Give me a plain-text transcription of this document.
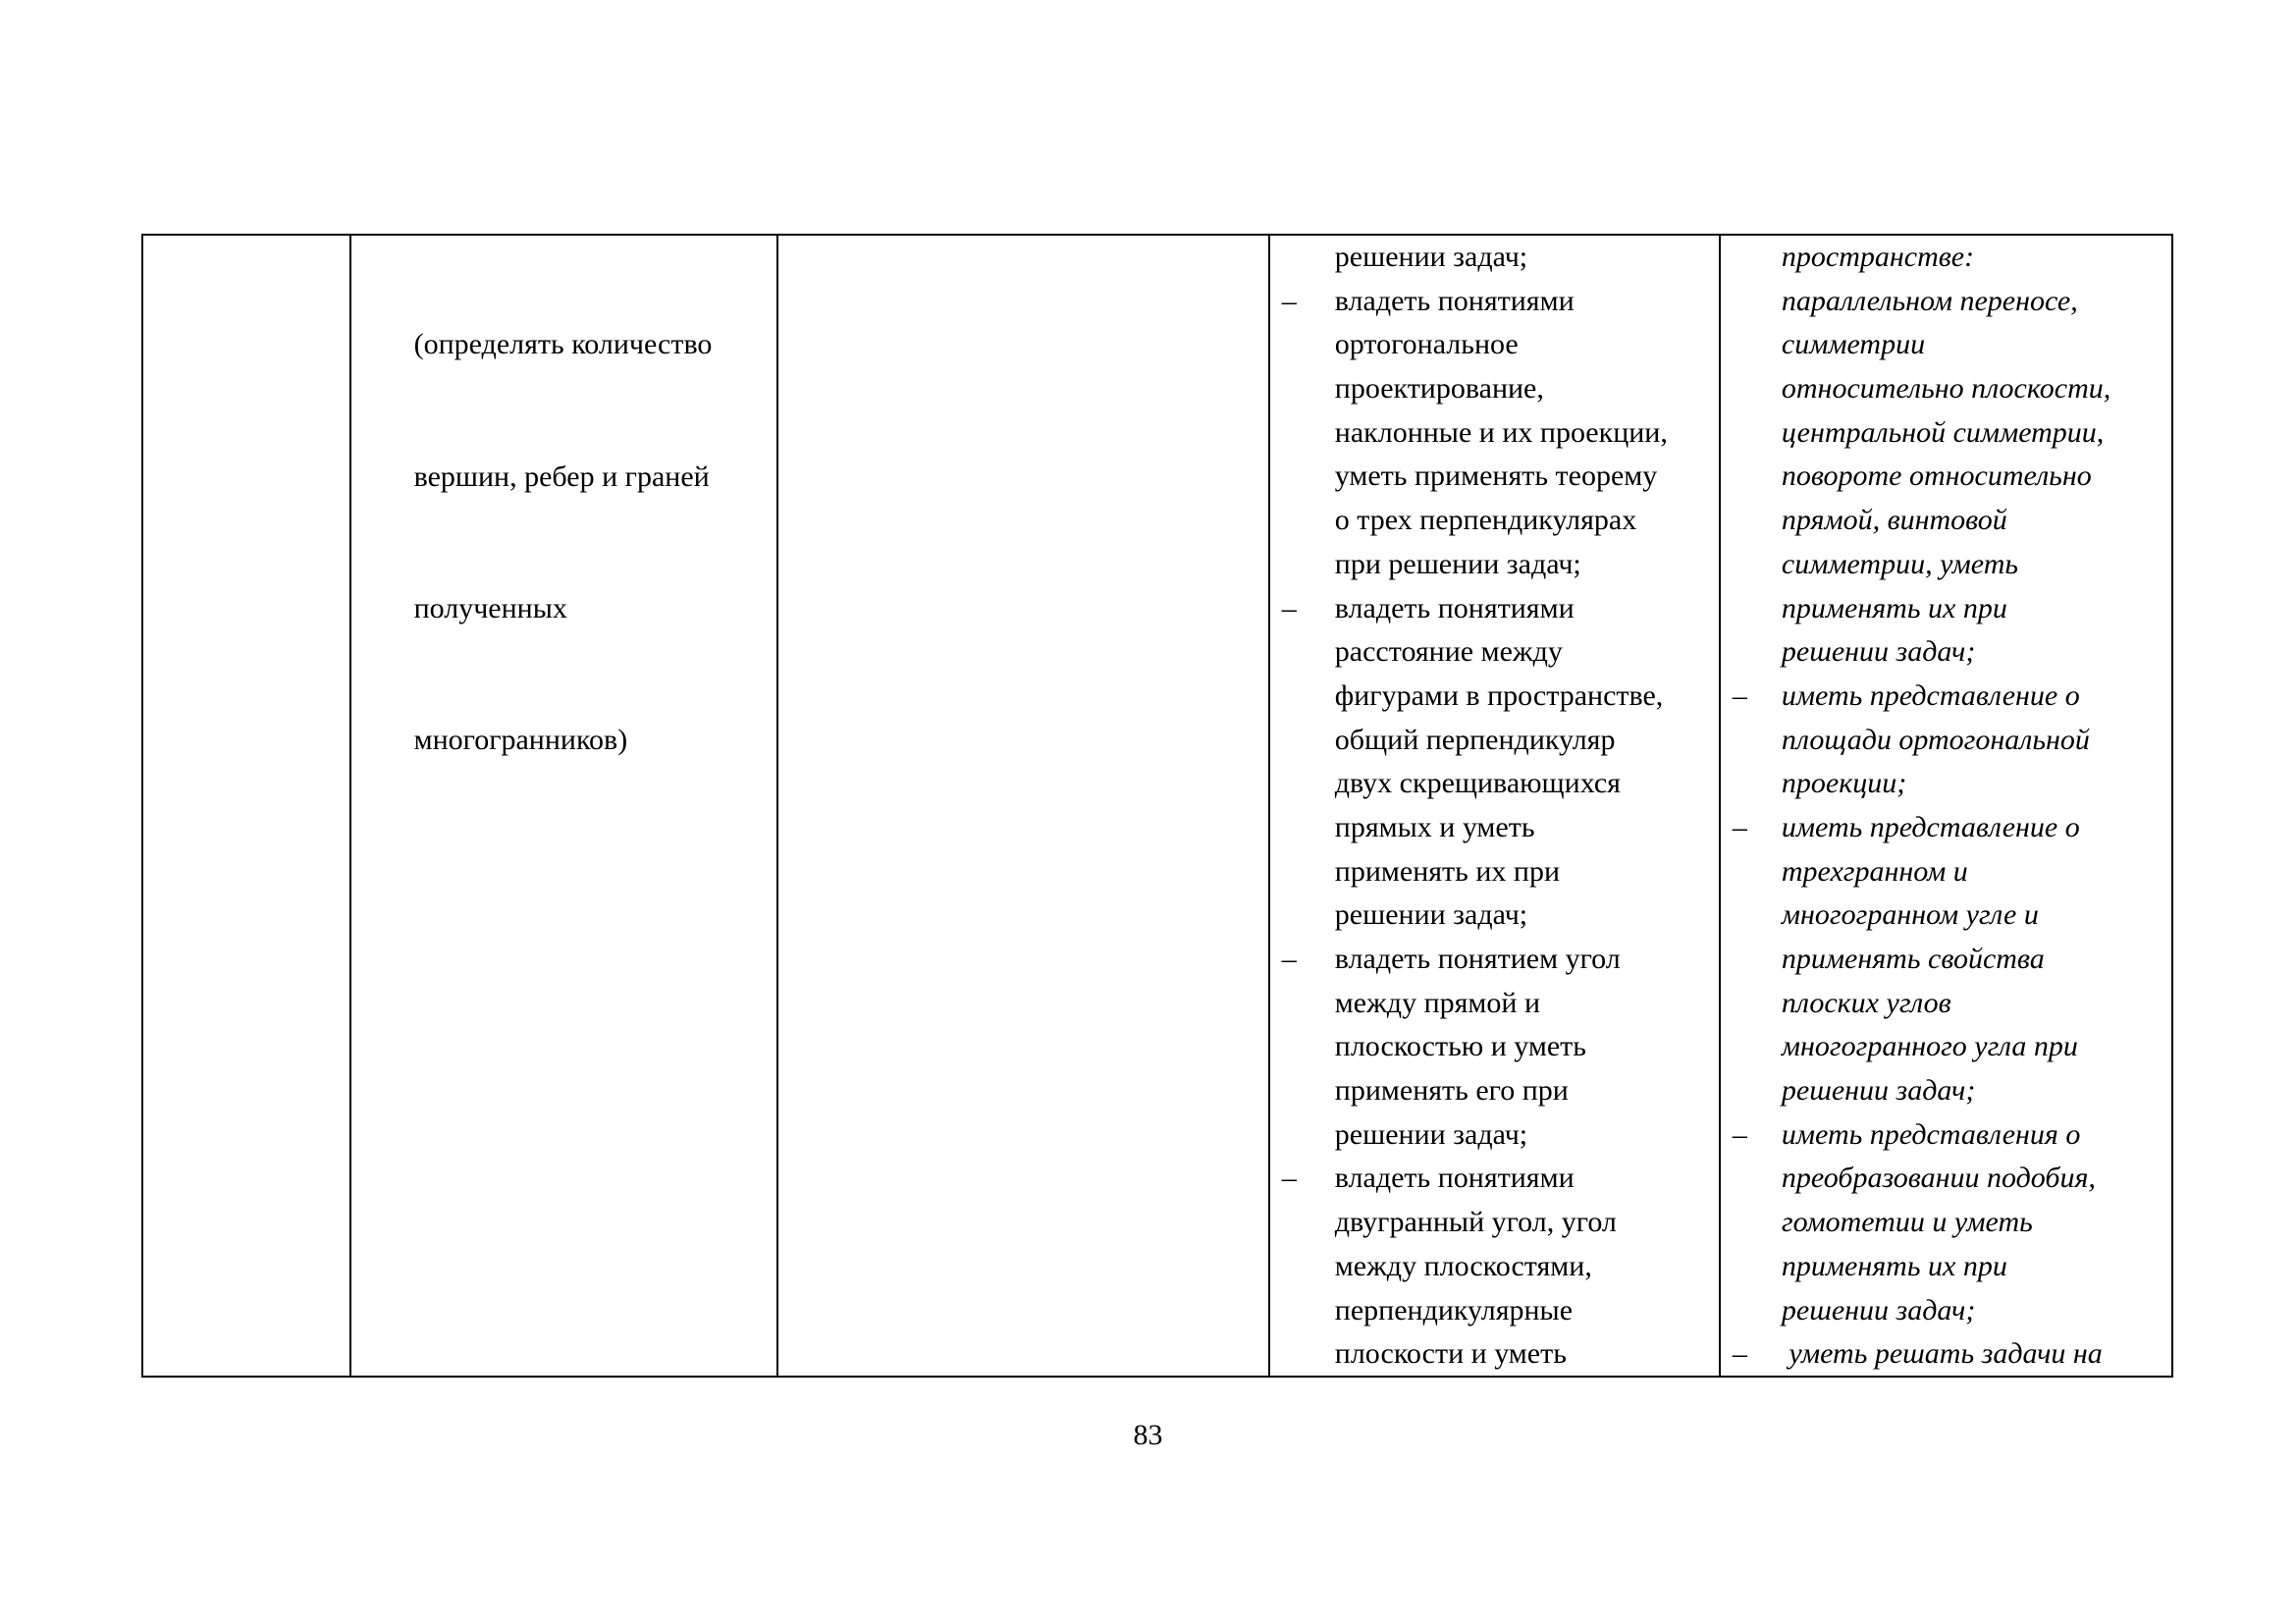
(определять количество

вершин, ребер и граней

полученных

многогранников)

решении задач;
– владеть понятиями
ортогональное
проектирование,
наклонные и их проекции,
уметь применять теорему
о трех перпендикулярах
при решении задач;
– владеть понятиями
расстояние между
фигурами в пространстве,
общий перпендикуляр
двух скрещивающихся
прямых и уметь
применять их при
решении задач;
– владеть понятием угол
между прямой и
плоскостью и уметь
применять его при
решении задач;
– владеть понятиями
двугранный угол, угол
между плоскостями,
перпендикулярные
плоскости и уметь
пространстве:
параллельном переносе,
симметрии
относительно плоскости,
центральной симметрии,
повороте относительно
прямой, винтовой
симметрии, уметь
применять их при
решении задач;
– иметь представление о
площади ортогональной
проекции;
– иметь представление о
трехгранном и
многогранном угле и
применять свойства
плоских углов
многогранного угла при
решении задач;
– иметь представления о
преобразовании подобия,
гомотетии и уметь
применять их при
решении задач;
– уметь решать задачи на
83
